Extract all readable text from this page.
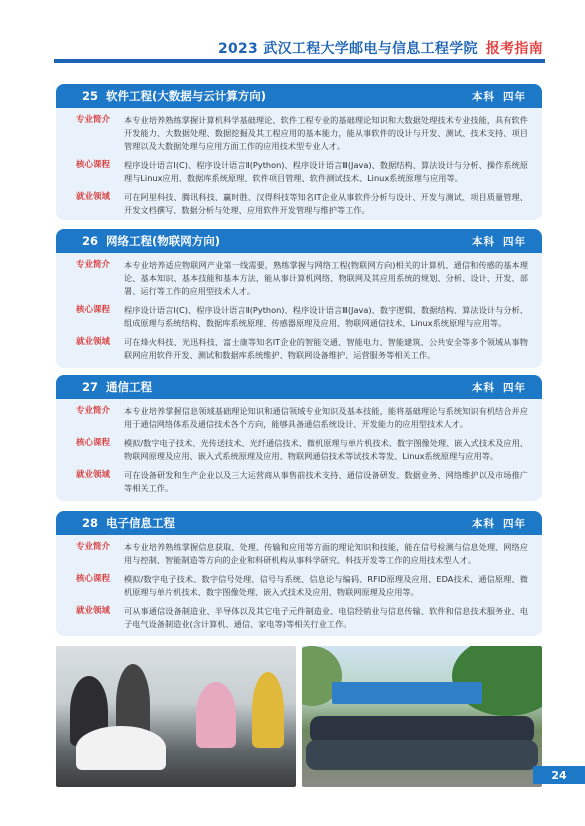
2023 武汉工程大学邮电与信息工程学院 报考指南
25 软件工程(大数据与云计算方向)	本科 四年
专业简介	本专业培养熟练掌握计算机科学基础理论、软件工程专业的基础理论知识和大数据处理技术专业技能，具有软件开发能力、大数据处理、数据挖掘及其工程应用的基本能力，能从事软件的设计与开发、测试、技术支持、项目管理以及大数据处理与应用方面工作的应用技术型专业人才。
核心课程	程序设计语言Ⅰ(C)、程序设计语言Ⅱ(Python)、程序设计语言Ⅲ(Java)、数据结构、算法设计与分析、操作系统原理与Linux应用、数据库系统原理、软件项目管理、软件测试技术、Linux系统原理与应用等。
就业领域	可在阿里科技、腾讯科技、赢时胜、汉得科技等知名IT企业从事软件分析与设计、开发与测试、项目质量管理、开发文档撰写、数据分析与处理、应用软件开发管理与维护等工作。
26 网络工程(物联网方向)	本科 四年
专业简介	本专业培养适应物联网产业第一线需要，熟练掌握与网络工程(物联网方向)相关的计算机、通信和传感的基本理论、基本知识、基本技能和基本方法，能从事计算机网络、物联网及其应用系统的规划、分析、设计、开发、部署、运行等工作的应用型技术人才。
核心课程	程序设计语言Ⅰ(C)、程序设计语言Ⅱ(Python)、程序设计语言Ⅲ(Java)、数字逻辑、数据结构、算法设计与分析、组成原理与系统结构、数据库系统原理、传感器原理及应用、物联网通信技术、Linux系统原理与应用等。
就业领域	可在烽火科技、光迅科技、富士康等知名IT企业的智能交通、智能电力、智能建筑、公共安全等多个领域从事物联网应用软件开发、测试和数据库系统维护、物联网设备维护、运营服务等相关工作。
27 通信工程	本科 四年
专业简介	本专业培养掌握信息领域基础理论知识和通信领域专业知识及基本技能，能将基础理论与系统知识有机结合并应用于通信网络体系及通信技术各个方向，能够具备通信系统设计、开发能力的应用型技术人才。
核心课程	模拟/数字电子技术、光传送技术、光纤通信技术、微机原理与单片机技术、数字图像处理、嵌入式技术及应用、物联网原理及应用、嵌入式系统原理及应用、物联网通信技术等试技术等发、Linux系统原理与应用等。
就业领域	可在设备研发和生产企业以及三大运营商从事售前技术支持、通信设备研发、数据业务、网络维护以及市场推广等相关工作。
28 电子信息工程	本科 四年
专业简介	本专业培养熟练掌握信息获取、处理、传输和应用等方面的理论知识和技能，能在信号检测与信息处理、网络应用与控制、智能制造等方向的企业和科研机构从事科学研究、科技开发等工作的应用技术型人才。
核心课程	模拟/数字电子技术、数字信号处理、信号与系统、信息论与编码、RFID原理及应用、EDA技术、通信原理、微机原理与单片机技术、数字图像处理、嵌入式技术及应用、物联网原理及应用等。
就业领域	可从事通信设备制造业、半导体以及其它电子元件制造业、电信经销业与信息传输、软件和信息技术服务业、电子电气设备制造业(含计算机、通信、家电等)等相关行业工作。
24
